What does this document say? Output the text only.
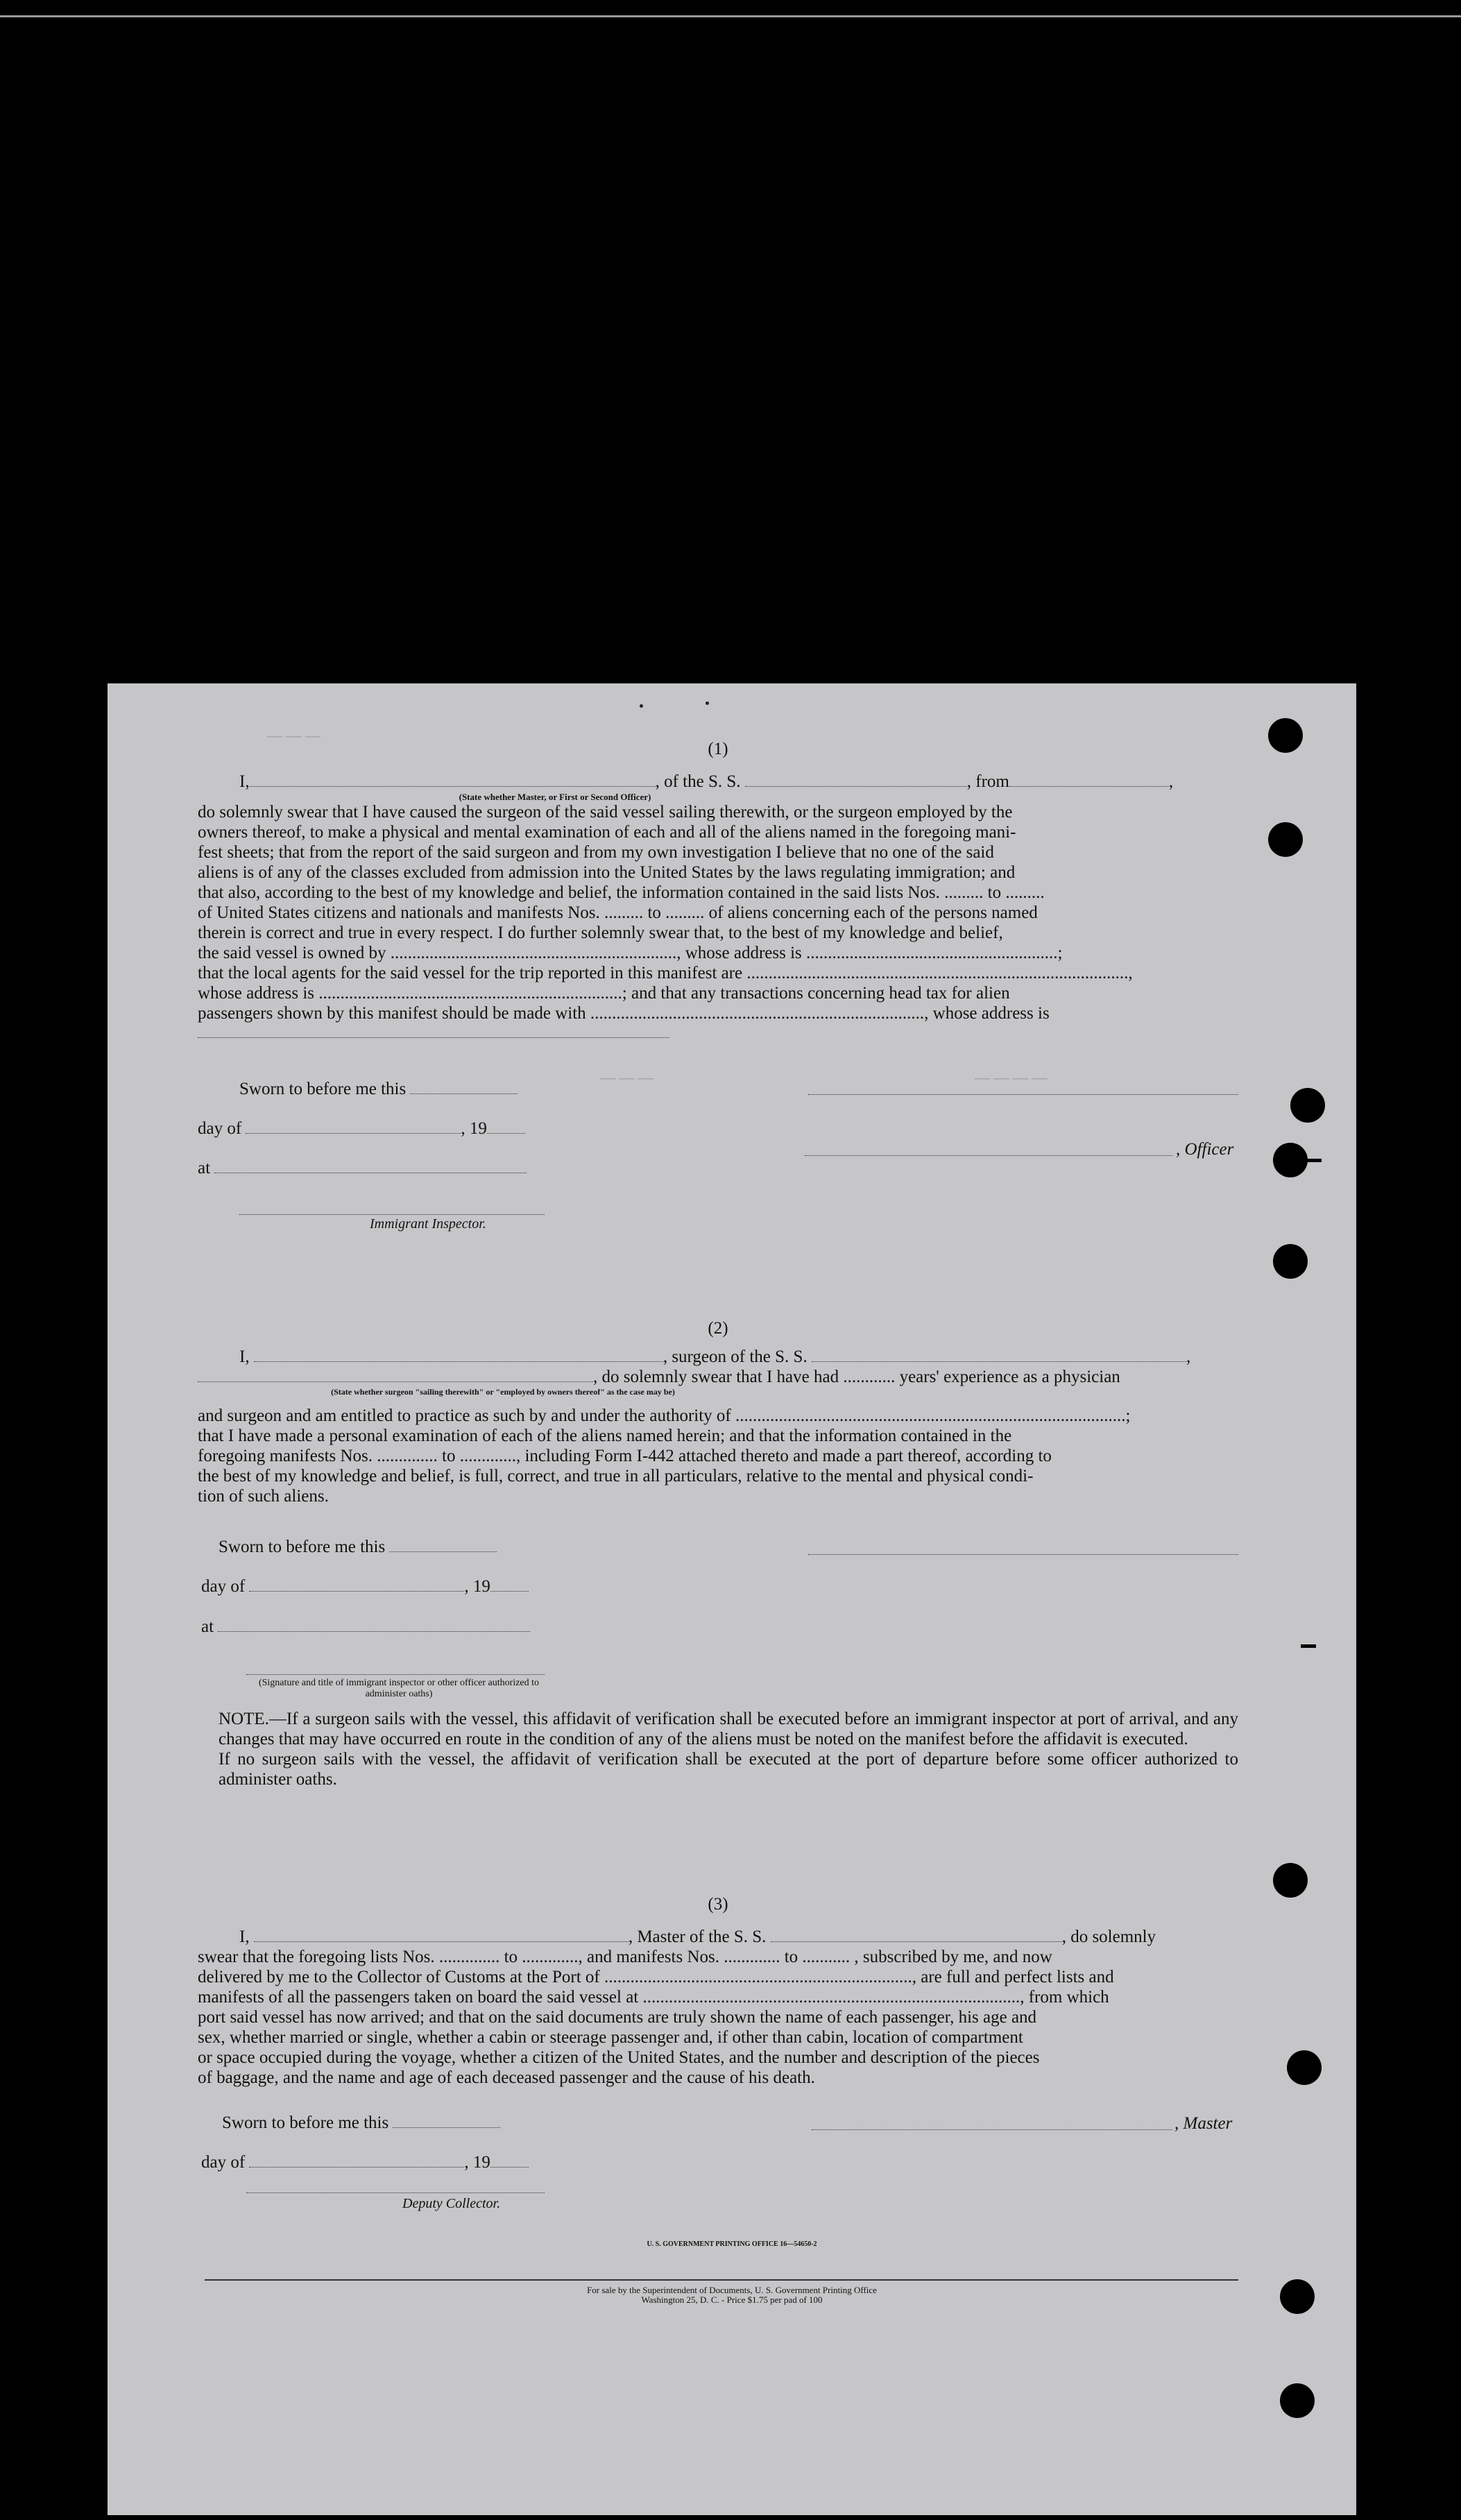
— — —
— — —	— — — —

(1)

I,	, of the S. S.	, from	,
(State whether Master, or First or Second Officer)

do solemnly swear that I have caused the surgeon of the said vessel sailing therewith, or the surgeon employed by the

owners thereof, to make a physical and mental examination of each and all of the aliens named in the foregoing mani-

fest sheets; that from the report of the said surgeon and from my own investigation I believe that no one of the said

aliens is of any of the classes excluded from admission into the United States by the laws regulating immigration; and

that also, according to the best of my knowledge and belief, the information contained in the said lists Nos. ......... to .........

of United States citizens and nationals and manifests Nos. ......... to ......... of aliens concerning each of the persons named

therein is correct and true in every respect. I do further solemnly swear that, to the best of my knowledge and belief,

the said vessel is owned by .................................................................., whose address is ..........................................................;

that the local agents for the said vessel for the trip reported in this manifest are ........................................................................................,

whose address is ......................................................................; and that any transactions concerning head tax for alien

passengers shown by this manifest should be made with ............................................................................., whose address is

Sworn to before me this
day of	, 19
, Officer
at
Immigrant Inspector.

(2)

I,	, surgeon of the S. S.	,
, do solemnly swear that I have had ............ years' experience as a physician
(State whether surgeon "sailing therewith" or "employed by owners thereof" as the case may be)

and surgeon and am entitled to practice as such by and under the authority of ..........................................................................................;

that I have made a personal examination of each of the aliens named herein; and that the information contained in the

foregoing manifests Nos. .............. to ............., including Form I-442 attached thereto and made a part thereof, according to

the best of my knowledge and belief, is full, correct, and true in all particulars, relative to the mental and physical condi-

tion of such aliens.

Sworn to before me this
day of	, 19
at
(Signature and title of immigrant inspector or other officer authorized to administer oaths)

NOTE.—If a surgeon sails with the vessel, this affidavit of verification shall be executed before an immigrant inspector at port of arrival, and any changes that may have occurred en route in the condition of any of the aliens must be noted on the manifest before the affidavit is executed.

If no surgeon sails with the vessel, the affidavit of verification shall be executed at the port of departure before some officer authorized to administer oaths.

(3)

I,	, Master of the S. S.	, do solemnly

swear that the foregoing lists Nos. .............. to ............., and manifests Nos. ............. to ........... , subscribed by me, and now

delivered by me to the Collector of Customs at the Port of ......................................................................., are full and perfect lists and

manifests of all the passengers taken on board the said vessel at ......................................................................................., from which

port said vessel has now arrived; and that on the said documents are truly shown the name of each passenger, his age and

sex, whether married or single, whether a cabin or steerage passenger and, if other than cabin, location of compartment

or space occupied during the voyage, whether a citizen of the United States, and the number and description of the pieces

of baggage, and the name and age of each deceased passenger and the cause of his death.

Sworn to before me this	, Master
day of	, 19
Deputy Collector.
U. S. GOVERNMENT PRINTING OFFICE 16—54650-2
For sale by the Superintendent of Documents, U. S. Government Printing Office
Washington 25, D. C. - Price $1.75 per pad of 100
